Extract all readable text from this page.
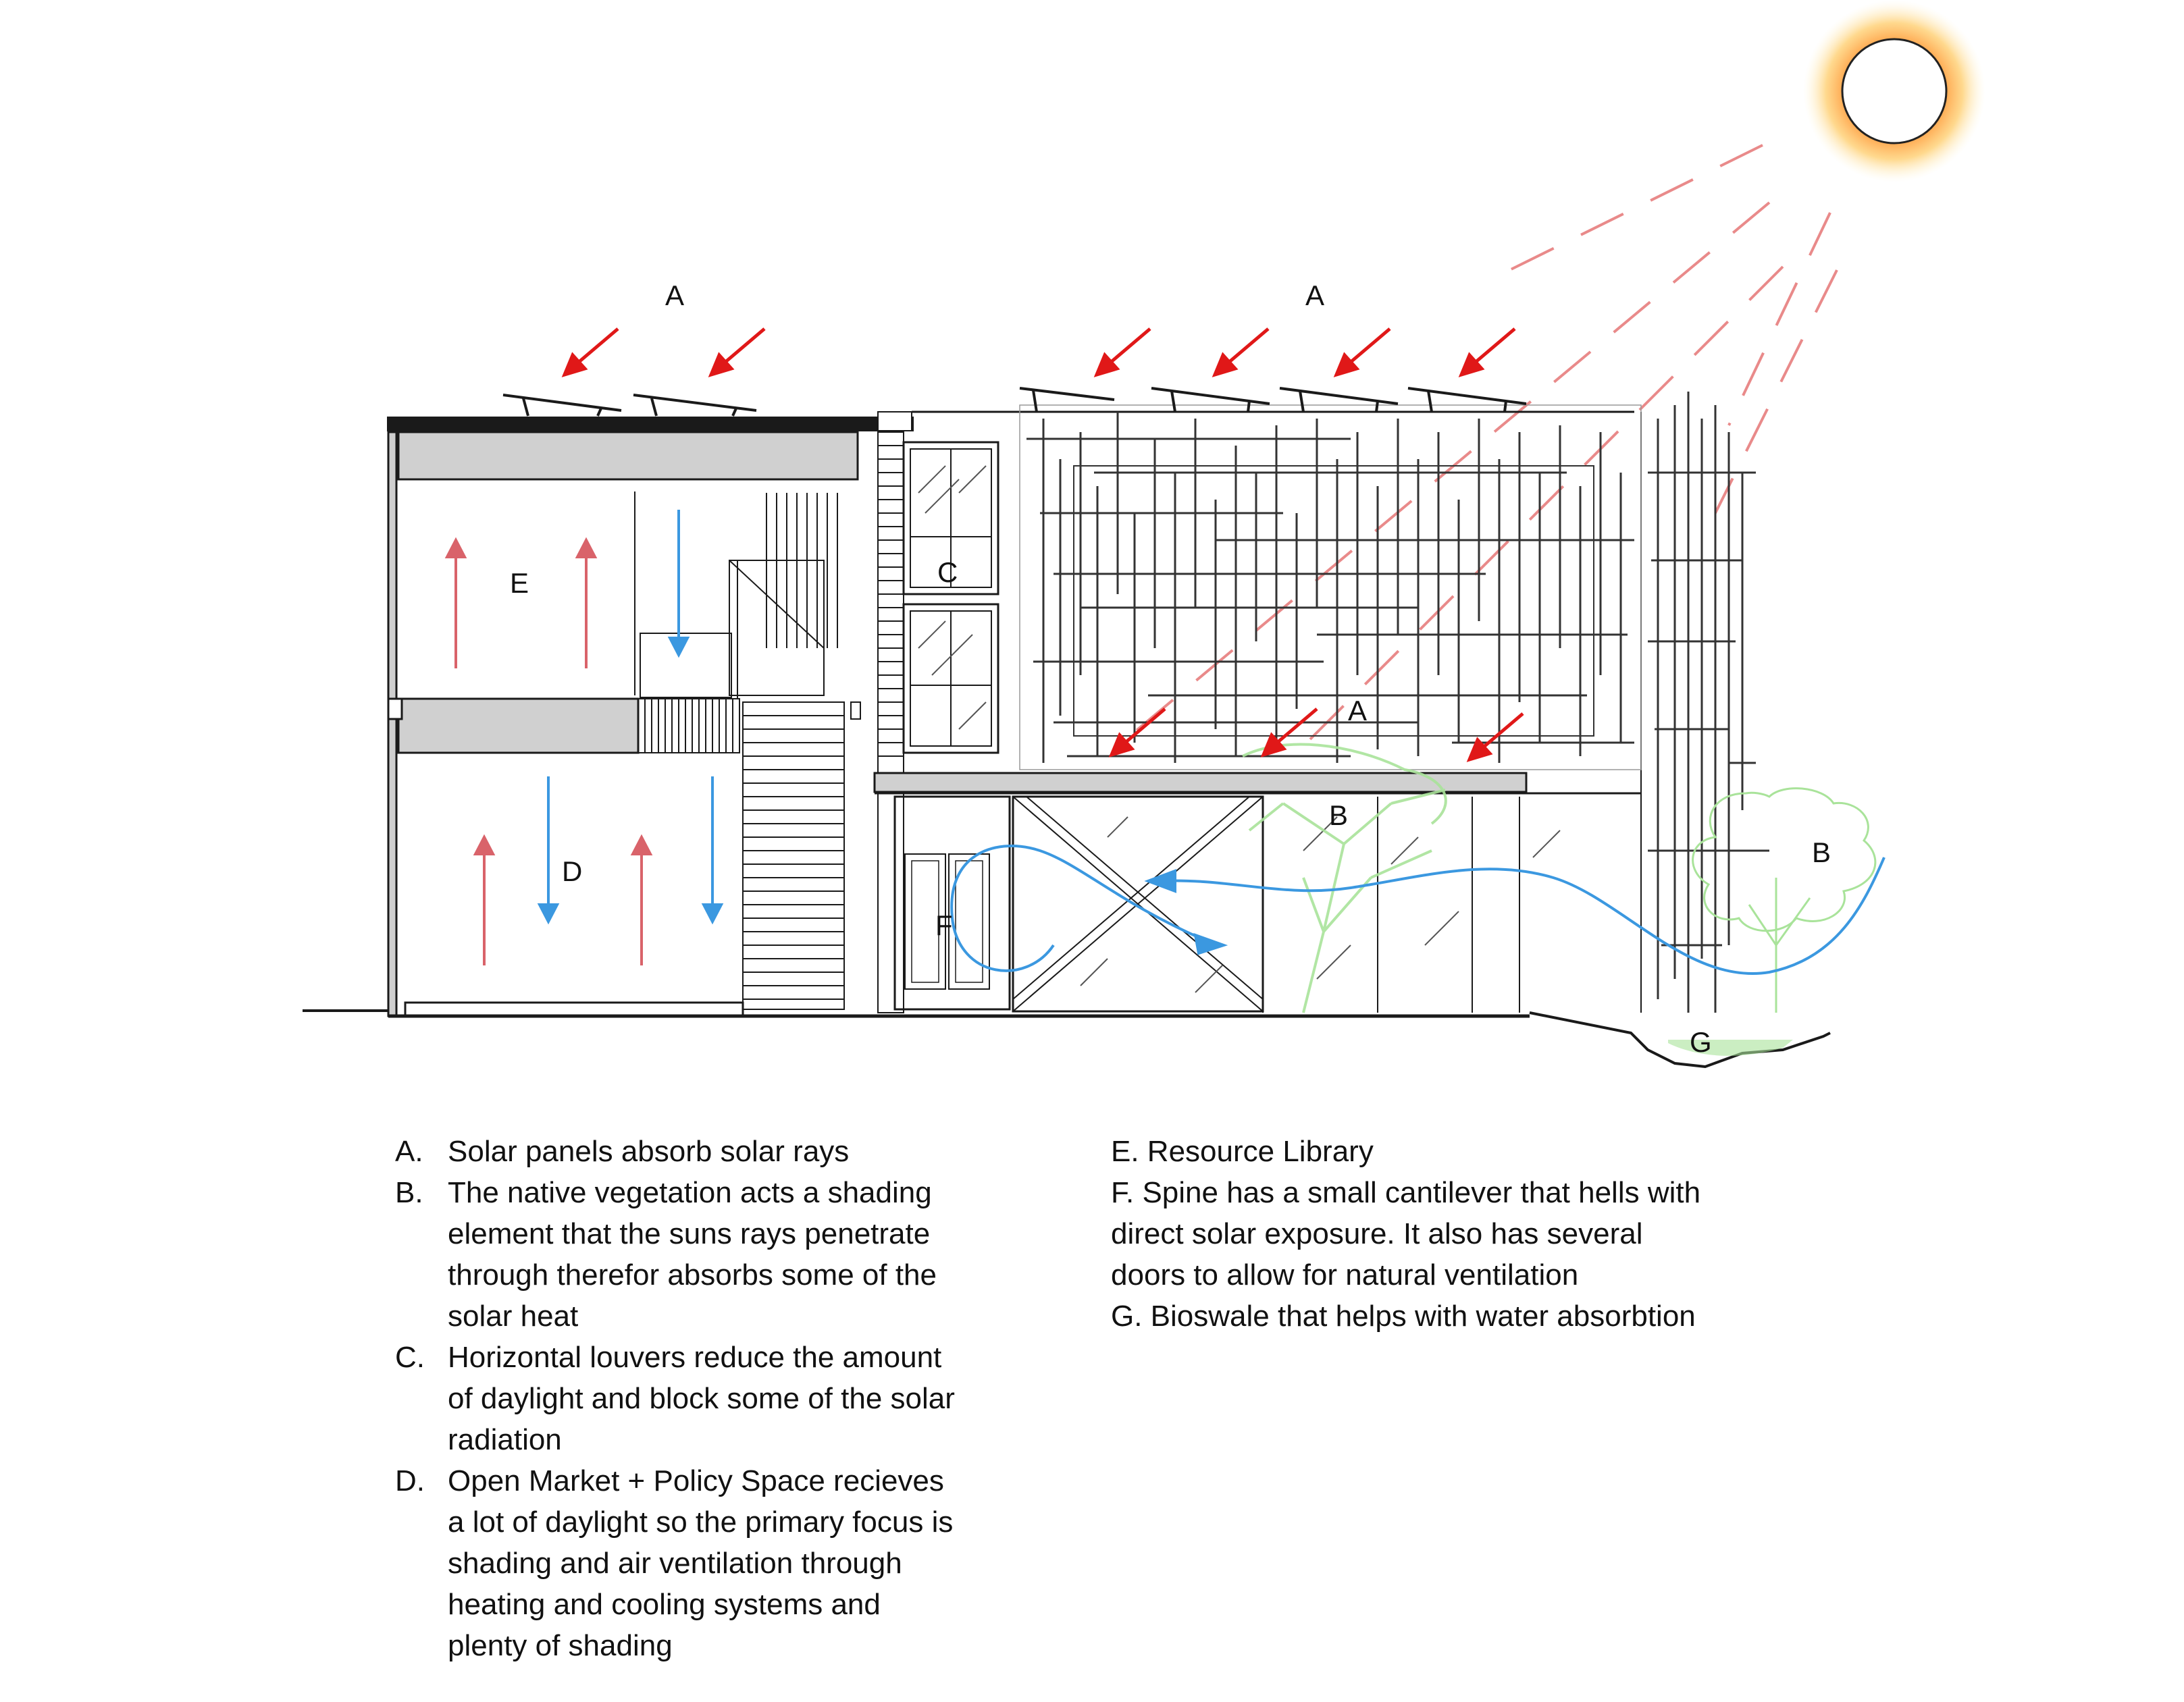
A	A
A
B
B
C
D
E
F
G
A. Solar panels absorb solar rays
B. The native vegetation acts a shading
element that the suns rays penetrate
through therefor absorbs some of the
solar heat
C. Horizontal louvers reduce the amount
of daylight and block some of the solar
radiation
D. Open Market + Policy Space recieves
a lot of daylight so the primary focus is
shading and air ventilation through
heating and cooling systems and
plenty of shading
E. Resource Library
F. Spine has a small cantilever that hells with
direct solar exposure. It also has several
doors to allow for natural ventilation
G. Bioswale that helps with water absorbtion
